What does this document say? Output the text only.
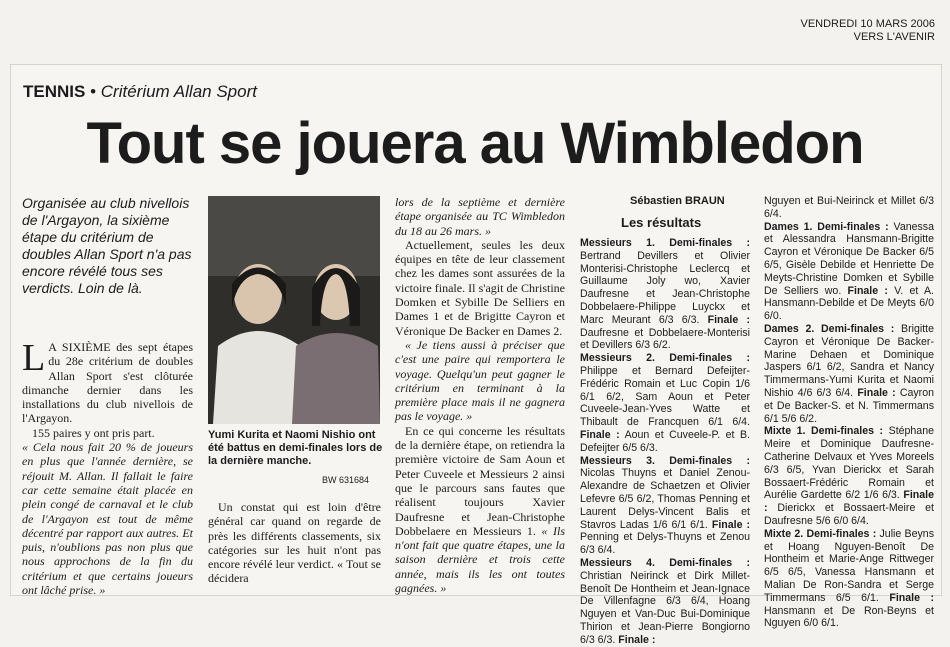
VENDREDI 10 MARS 2006
VERS L'AVENIR
TENNIS • Critérium Allan Sport
Tout se jouera au Wimbledon
Organisée au club nivellois de l'Argayon, la sixième étape du critérium de doubles Allan Sport n'a pas encore révélé tous ses verdicts. Loin de là.

L A SIXIÈME des sept étapes du 28e critérium de doubles Allan Sport s'est clôturée dimanche dernier dans les installations du club nivellois de l'Argayon.

155 paires y ont pris part.

« Cela nous fait 20 % de joueurs en plus que l'année dernière, se réjouit M. Allan. Il fallait le faire car cette semaine était placée en plein congé de carnaval et le club de l'Argayon est tout de même décentré par rapport aux autres. Et puis, n'oublions pas non plus que nous approchons de la fin du critérium et que certains joueurs ont lâché prise. »

Yumi Kurita et Naomi Nishio ont été battus en demi-finales lors de la dernière manche.
BW 631684

Un constat qui est loin d'être général car quand on regarde de près les différents classements, six catégories sur les huit n'ont pas encore révélé leur verdict. « Tout se décidera

lors de la septième et dernière étape organisée au TC Wimbledon du 18 au 26 mars. »

Actuellement, seules les deux équipes en tête de leur classement chez les dames sont assurées de la victoire finale. Il s'agit de Christine Domken et Sybille De Selliers en Dames 1 et de Brigitte Cayron et Véronique De Backer en Dames 2.

« Je tiens aussi à préciser que c'est une paire qui remportera le voyage. Quelqu'un peut gagner le critérium en terminant à la première place mais il ne gagnera pas le voyage. »

En ce qui concerne les résultats de la dernière étape, on retiendra la première victoire de Sam Aoun et Peter Cuveele et Messieurs 2 ainsi que le parcours sans fautes que réalisent toujours Xavier Daufresne et Jean-Christophe Dobbelaere en Messieurs 1. « Ils n'ont fait que quatre étapes, une la saison dernière et trois cette année, mais ils les ont toutes gagnées. »

Sébastien BRAUN
Les résultats

Messieurs 1. Demi-finales : Bertrand Devillers et Olivier Monterisi-Christophe Leclercq et Guillaume Joly wo, Xavier Daufresne et Jean-Christophe Dobbelaere-Philippe Luyckx et Marc Meurant 6/3 6/3. Finale : Daufresne et Dobbelaere-Monterisi et Devillers 6/3 6/2.

Messieurs 2. Demi-finales : Philippe et Bernard Defeijter-Frédéric Romain et Luc Copin 1/6 6/1 6/2, Sam Aoun et Peter Cuveele-Jean-Yves Watte et Thibault de Francquen 6/1 6/4. Finale : Aoun et Cuveele-P. et B. Defeijter 6/5 6/3.

Messieurs 3. Demi-finales : Nicolas Thuyns et Daniel Zenou-Alexandre de Schaetzen et Olivier Lefevre 6/5 6/2, Thomas Penning et Laurent Delys-Vincent Balis et Stavros Ladas 1/6 6/1 6/1. Finale : Penning et Delys-Thuyns et Zenou 6/3 6/4.

Messieurs 4. Demi-finales : Christian Neirinck et Dirk Millet-Benoît De Hontheim et Jean-Ignace De Villenfagne 6/3 6/4, Hoang Nguyen et Van-Duc Bui-Dominique Thirion et Jean-Pierre Bongiorno 6/3 6/3. Finale :

Nguyen et Bui-Neirinck et Millet 6/3 6/4.

Dames 1. Demi-finales : Vanessa et Alessandra Hansmann-Brigitte Cayron et Véronique De Backer 6/5 6/5, Gisèle Debilde et Henriette De Meyts-Christine Domken et Sybille De Selliers wo. Finale : V. et A. Hansmann-Debilde et De Meyts 6/0 6/0.

Dames 2. Demi-finales : Brigitte Cayron et Véronique De Backer-Marine Dehaen et Dominique Jaspers 6/1 6/2, Sandra et Nancy Timmermans-Yumi Kurita et Naomi Nishio 4/6 6/3 6/4. Finale : Cayron et De Backer-S. et N. Timmermans 6/1 5/6 6/2.

Mixte 1. Demi-finales : Stéphane Meire et Dominique Daufresne-Catherine Delvaux et Yves Moreels 6/3 6/5, Yvan Dierickx et Sarah Bossaert-Frédéric Romain et Aurélie Gardette 6/2 1/6 6/3. Finale : Dierickx et Bossaert-Meire et Daufresne 5/6 6/0 6/4.

Mixte 2. Demi-finales : Julie Beyns et Hoang Nguyen-Benoît De Hontheim et Marie-Ange Rittweger 6/5 6/5, Vanessa Hansmann et Malian De Ron-Sandra et Serge Timmermans 6/5 6/1. Finale : Hansmann et De Ron-Beyns et Nguyen 6/0 6/1.
